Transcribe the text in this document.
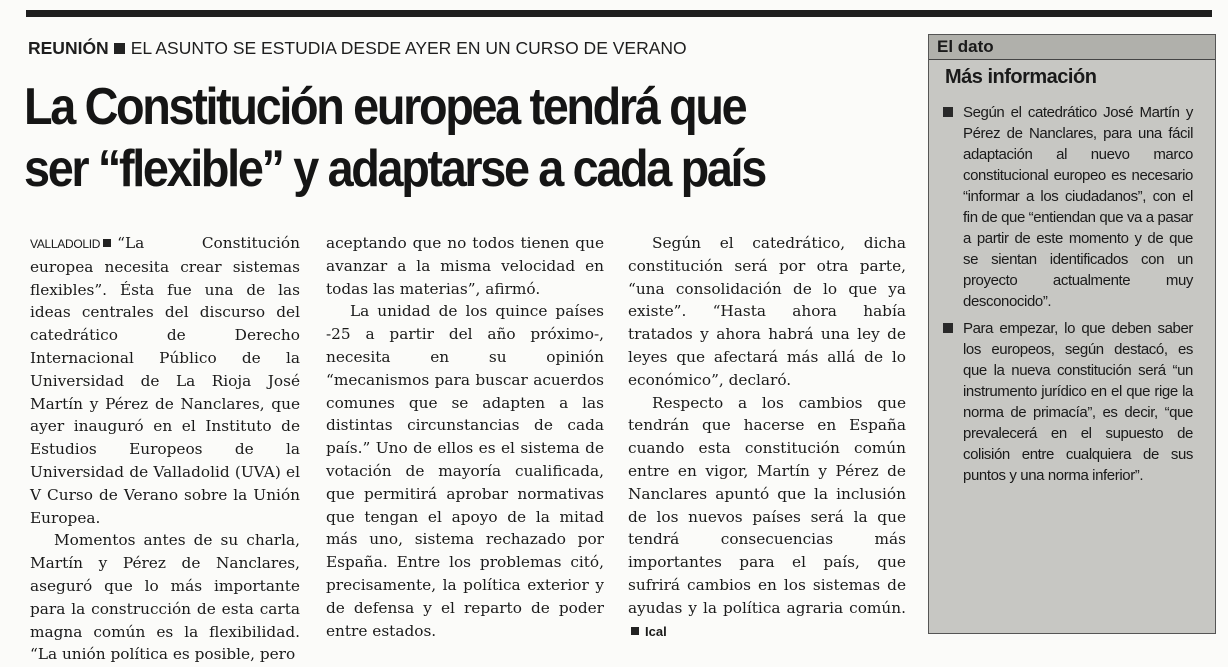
REUNIÓN EL ASUNTO SE ESTUDIA DESDE AYER EN UN CURSO DE VERANO
La Constitución europea tendrá que
ser “flexible” y adaptarse a cada país

VALLADOLID “La Constitución europea necesita crear sistemas flexibles”. Ésta fue una de las ideas centrales del discurso del catedrático de Derecho Internacional Público de la Universidad de La Rioja José Martín y Pérez de Nanclares, que ayer inauguró en el Instituto de Estudios Europeos de la Universidad de Valladolid (UVA) el V Curso de Verano sobre la Unión Europea.

Momentos antes de su charla, Martín y Pérez de Nanclares, aseguró que lo más importante para la construcción de esta carta magna común es la flexibilidad. “La unión política es posible, pero

aceptando que no todos tienen que avanzar a la misma velocidad en todas las materias”, afirmó.

La unidad de los quince países -25 a partir del año próximo-, necesita en su opinión “mecanismos para buscar acuerdos comunes que se adapten a las distintas circunstancias de cada país.” Uno de ellos es el sistema de votación de mayoría cualificada, que permitirá aprobar normativas que tengan el apoyo de la mitad más uno, sistema rechazado por España. Entre los problemas citó, precisamente, la política exterior y de defensa y el reparto de poder entre estados.

Según el catedrático, dicha constitución será por otra parte, “una consolidación de lo que ya existe”. “Hasta ahora había tratados y ahora habrá una ley de leyes que afectará más allá de lo económico”, declaró.

Respecto a los cambios que tendrán que hacerse en España cuando esta constitución común entre en vigor, Martín y Pérez de Nanclares apuntó que la inclusión de los nuevos países será la que tendrá consecuencias más importantes para el país, que sufrirá cambios en los sistemas de ayudas y la política agraria común.Ical

El dato
Más información
Según el catedrático José Martín y Pérez de Nanclares, para una fácil adaptación al nuevo marco constitucional europeo es necesario “informar a los ciudadanos”, con el fin de que “entiendan que va a pasar a partir de este momento y de que se sientan identificados con un proyecto actualmente muy desconocido”.
Para empezar, lo que deben saber los europeos, según destacó, es que la nueva constitución será “un instrumento jurídico en el que rige la norma de primacía”, es decir, “que prevalecerá en el supuesto de colisión entre cualquiera de sus puntos y una norma inferior”.
